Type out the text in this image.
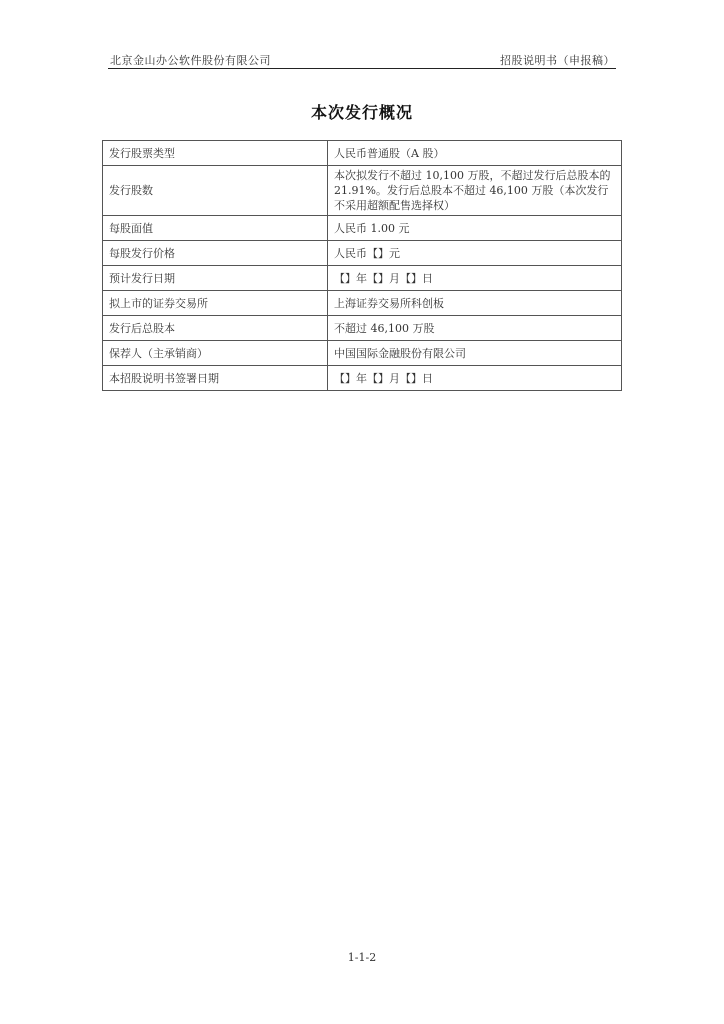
北京金山办公软件股份有限公司	招股说明书（申报稿）
本次发行概况
发行股票类型	人民币普通股（A 股）
发行股数	本次拟发行不超过 10,100 万股，不超过发行后总股本的 21.91%。发行后总股本不超过 46,100 万股（本次发行不采用超额配售选择权）
每股面值	人民币 1.00 元
每股发行价格	人民币【】元
预计发行日期	【】年【】月【】日
拟上市的证券交易所	上海证券交易所科创板
发行后总股本	不超过 46,100 万股
保荐人（主承销商）	中国国际金融股份有限公司
本招股说明书签署日期	【】年【】月【】日
1-1-2
